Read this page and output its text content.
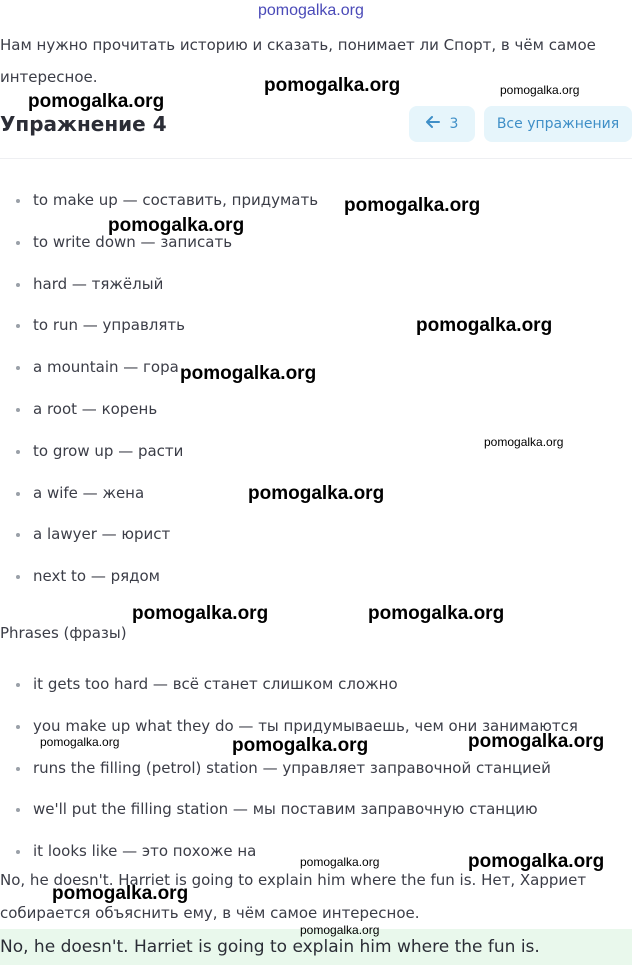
pomogalka.org
Нам нужно прочитать историю и сказать, понимает ли Спорт, в чём самое интересное.
Упражнение 4	3	Все упражнения
to make up — составить, придумать
to write down — записать
hard — тяжёлый
to run — управлять
a mountain — гора
a root — корень
to grow up — расти
a wife — жена
a lawyer — юрист
next to — рядом
Phrases (фразы)
it gets too hard — всё станет слишком сложно
you make up what they do — ты придумываешь, чем они занимаются
runs the filling (petrol) station — управляет заправочной станцией
we'll put the filling station — мы поставим заправочную станцию
it looks like — это похоже на
No, he doesn't. Harriet is going to explain him where the fun is. Нет, Харриет собирается объяснить ему, в чём самое интересное.
No, he doesn't. Harriet is going to explain him where the fun is.
pomogalka.org	pomogalka.org
pomogalka.org
pomogalka.org
pomogalka.org
pomogalka.org
pomogalka.org
pomogalka.org
pomogalka.org
pomogalka.org	pomogalka.org
pomogalka.org	pomogalka.org	pomogalka.org
pomogalka.org	pomogalka.org
pomogalka.org
pomogalka.org
